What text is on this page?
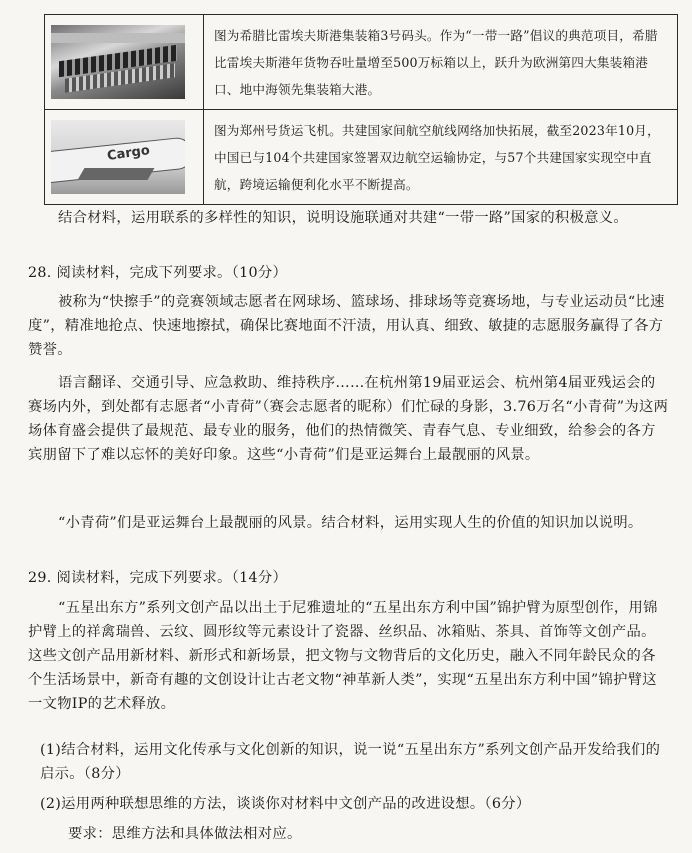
	图为希腊比雷埃夫斯港集装箱3号码头。作为“一带一路”倡议的典范项目，希腊比雷埃夫斯港年货物吞吐量增至500万标箱以上，跃升为欧洲第四大集装箱港口、地中海领先集装箱大港。

Cargo	图为郑州号货运飞机。共建国家间航空航线网络加快拓展，截至2023年10月，中国已与104个共建国家签署双边航空运输协定，与57个共建国家实现空中直航，跨境运输便利化水平不断提高。

结合材料，运用联系的多样性的知识，说明设施联通对共建“一带一路”国家的积极意义。

28. 阅读材料，完成下列要求。（10分）

被称为“快擦手”的竞赛领域志愿者在网球场、篮球场、排球场等竞赛场地，与专业运动员“比速度”，精准地抢点、快速地擦拭，确保比赛地面不汗渍，用认真、细致、敏捷的志愿服务赢得了各方赞誉。

语言翻译、交通引导、应急救助、维持秩序……在杭州第19届亚运会、杭州第4届亚残运会的赛场内外，到处都有志愿者“小青荷”（赛会志愿者的昵称）们忙碌的身影，3.76万名“小青荷”为这两场体育盛会提供了最规范、最专业的服务，他们的热情微笑、青春气息、专业细致，给参会的各方宾朋留下了难以忘怀的美好印象。这些“小青荷”们是亚运舞台上最靓丽的风景。

“小青荷”们是亚运舞台上最靓丽的风景。结合材料，运用实现人生的价值的知识加以说明。

29. 阅读材料，完成下列要求。（14分）

“五星出东方”系列文创产品以出土于尼雅遗址的“五星出东方利中国”锦护臂为原型创作，用锦护臂上的祥禽瑞兽、云纹、圆形纹等元素设计了瓷器、丝织品、冰箱贴、茶具、首饰等文创产品。这些文创产品用新材料、新形式和新场景，把文物与文物背后的文化历史，融入不同年龄民众的各个生活场景中，新奇有趣的文创设计让古老文物“神革新人类”，实现“五星出东方利中国”锦护臂这一文物IP的艺术释放。

(1)结合材料，运用文化传承与文化创新的知识，说一说“五星出东方”系列文创产品开发给我们的启示。（8分）

(2)运用两种联想思维的方法，谈谈你对材料中文创产品的改进设想。（6分）

要求：思维方法和具体做法相对应。
